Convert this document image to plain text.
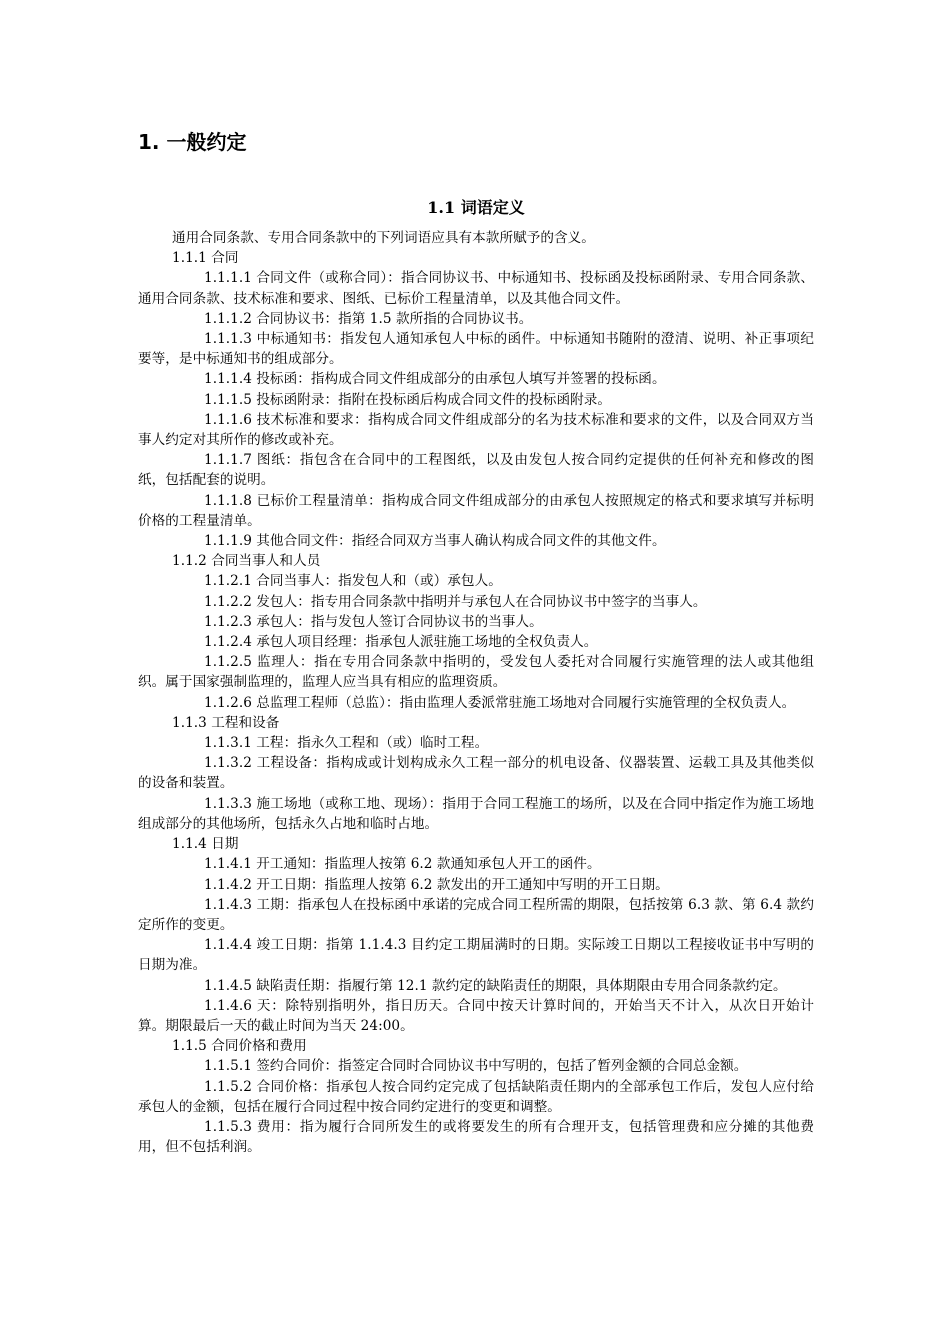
1. 一般约定
1.1 词语定义

通用合同条款、专用合同条款中的下列词语应具有本款所赋予的含义。

1.1.1 合同

1.1.1.1 合同文件（或称合同）：指合同协议书、中标通知书、投标函及投标函附录、专用合同条款、通用合同条款、技术标准和要求、图纸、已标价工程量清单，以及其他合同文件。

1.1.1.2 合同协议书：指第 1.5 款所指的合同协议书。

1.1.1.3 中标通知书：指发包人通知承包人中标的函件。中标通知书随附的澄清、说明、补正事项纪要等，是中标通知书的组成部分。

1.1.1.4 投标函：指构成合同文件组成部分的由承包人填写并签署的投标函。

1.1.1.5 投标函附录：指附在投标函后构成合同文件的投标函附录。

1.1.1.6 技术标准和要求：指构成合同文件组成部分的名为技术标准和要求的文件，以及合同双方当事人约定对其所作的修改或补充。

1.1.1.7 图纸：指包含在合同中的工程图纸，以及由发包人按合同约定提供的任何补充和修改的图纸，包括配套的说明。

1.1.1.8 已标价工程量清单：指构成合同文件组成部分的由承包人按照规定的格式和要求填写并标明价格的工程量清单。

1.1.1.9 其他合同文件：指经合同双方当事人确认构成合同文件的其他文件。

1.1.2 合同当事人和人员

1.1.2.1 合同当事人：指发包人和（或）承包人。

1.1.2.2 发包人：指专用合同条款中指明并与承包人在合同协议书中签字的当事人。

1.1.2.3 承包人：指与发包人签订合同协议书的当事人。

1.1.2.4 承包人项目经理：指承包人派驻施工场地的全权负责人。

1.1.2.5 监理人：指在专用合同条款中指明的，受发包人委托对合同履行实施管理的法人或其他组织。属于国家强制监理的，监理人应当具有相应的监理资质。

1.1.2.6 总监理工程师（总监）：指由监理人委派常驻施工场地对合同履行实施管理的全权负责人。

1.1.3 工程和设备

1.1.3.1 工程：指永久工程和（或）临时工程。

1.1.3.2 工程设备：指构成或计划构成永久工程一部分的机电设备、仪器装置、运载工具及其他类似的设备和装置。

1.1.3.3 施工场地（或称工地、现场）：指用于合同工程施工的场所，以及在合同中指定作为施工场地组成部分的其他场所，包括永久占地和临时占地。

1.1.4 日期

1.1.4.1 开工通知：指监理人按第 6.2 款通知承包人开工的函件。

1.1.4.2 开工日期：指监理人按第 6.2 款发出的开工通知中写明的开工日期。

1.1.4.3 工期：指承包人在投标函中承诺的完成合同工程所需的期限，包括按第 6.3 款、第 6.4 款约定所作的变更。

1.1.4.4 竣工日期：指第 1.1.4.3 目约定工期届满时的日期。实际竣工日期以工程接收证书中写明的日期为准。

1.1.4.5 缺陷责任期：指履行第 12.1 款约定的缺陷责任的期限，具体期限由专用合同条款约定。

1.1.4.6 天：除特别指明外，指日历天。合同中按天计算时间的，开始当天不计入，从次日开始计算。期限最后一天的截止时间为当天 24:00。

1.1.5 合同价格和费用

1.1.5.1 签约合同价：指签定合同时合同协议书中写明的，包括了暂列金额的合同总金额。

1.1.5.2 合同价格：指承包人按合同约定完成了包括缺陷责任期内的全部承包工作后，发包人应付给承包人的金额，包括在履行合同过程中按合同约定进行的变更和调整。

1.1.5.3 费用：指为履行合同所发生的或将要发生的所有合理开支，包括管理费和应分摊的其他费用，但不包括利润。
